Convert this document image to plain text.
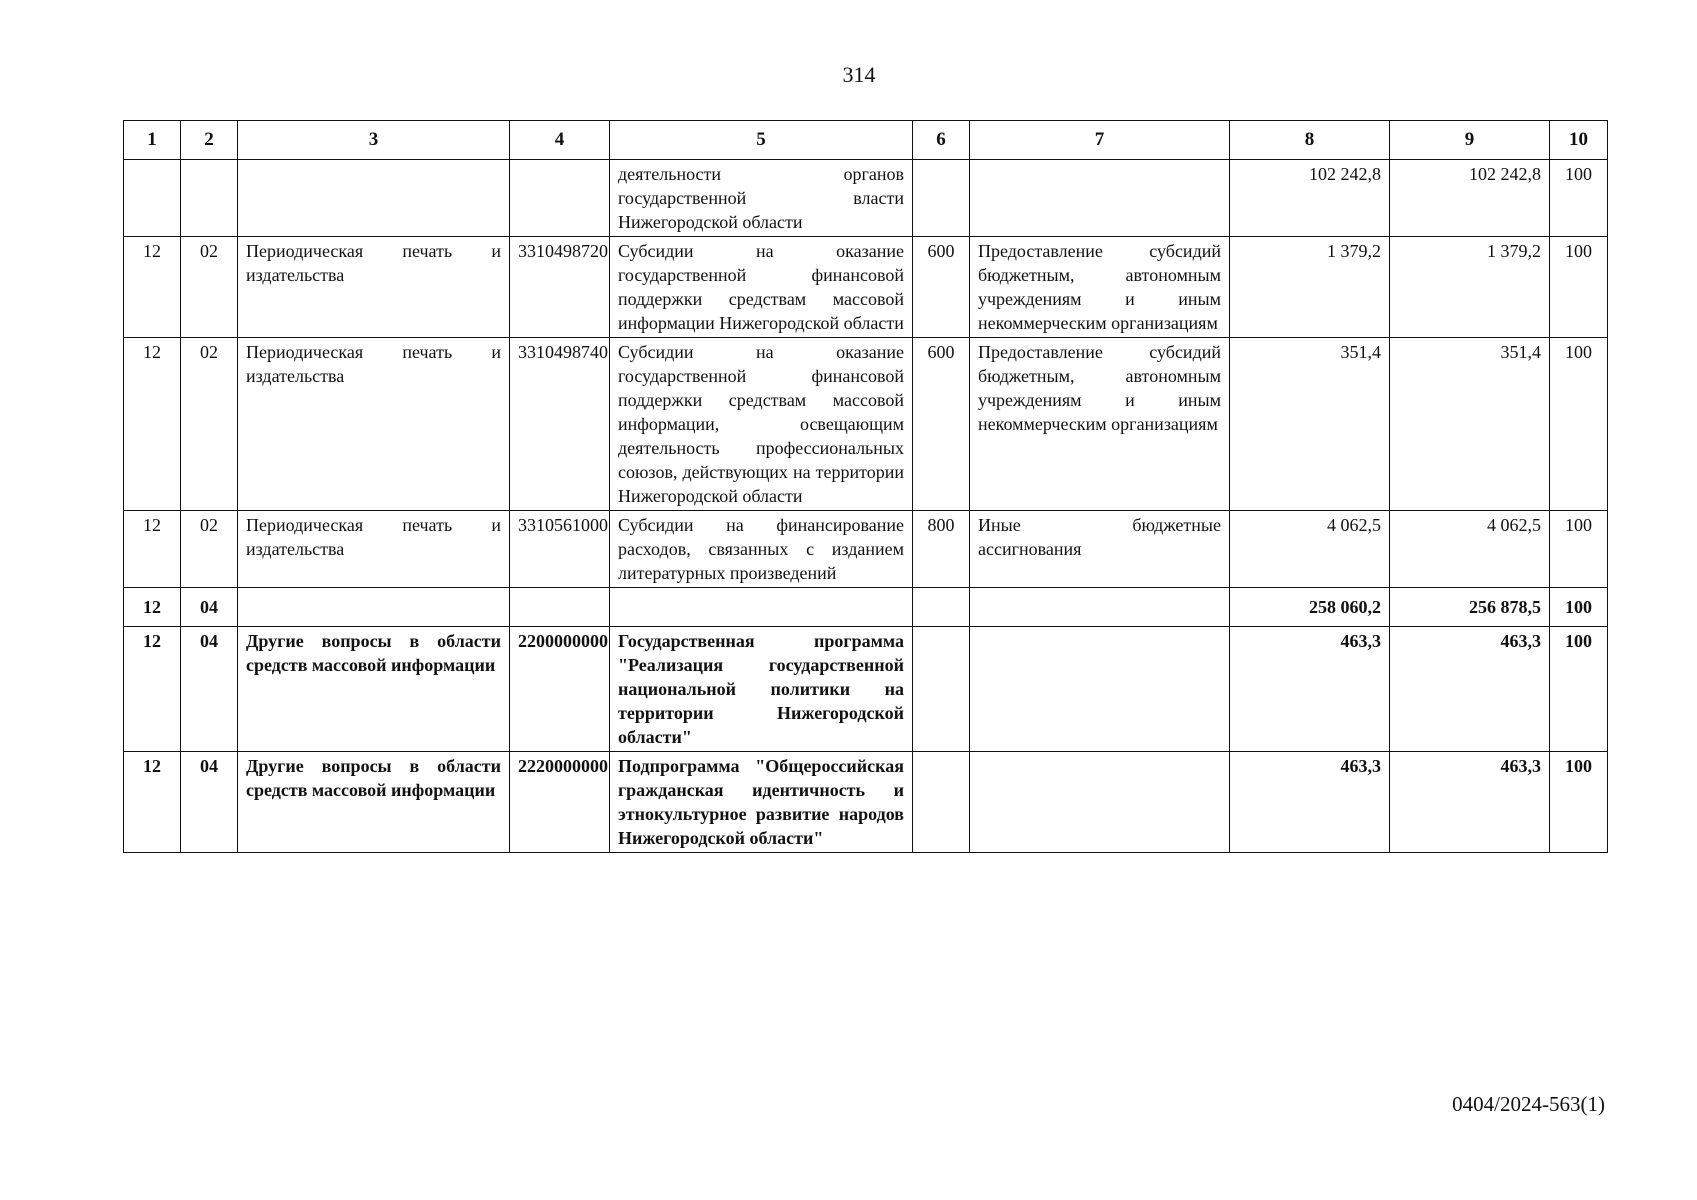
314
1	2	3	4	5	6	7	8	9	10
				деятельности органов государственной власти Нижегородской области			102 242,8	102 242,8	100
12	02	Периодическая печать и издательства	3310498720	Субсидии на оказание государственной финансовой поддержки средствам массовой информации Нижегородской области	600	Предоставление субсидий бюджетным, автономным учреждениям и иным некоммерческим организациям	1 379,2	1 379,2	100
12	02	Периодическая печать и издательства	3310498740	Субсидии на оказание государственной финансовой поддержки средствам массовой информации, освещающим деятельность профессиональных союзов, действующих на территории Нижегородской области	600	Предоставление субсидий бюджетным, автономным учреждениям и иным некоммерческим организациям	351,4	351,4	100
12	02	Периодическая печать и издательства	3310561000	Субсидии на финансирование расходов, связанных с изданием литературных произведений	800	Иные бюджетные ассигнования	4 062,5	4 062,5	100
12	04						258 060,2	256 878,5	100
12	04	Другие вопросы в области средств массовой информации	2200000000	Государственная программа "Реализация государственной национальной политики на территории Нижегородской области"			463,3	463,3	100
12	04	Другие вопросы в области средств массовой информации	2220000000	Подпрограмма "Общероссийская гражданская идентичность и этнокультурное развитие народов Нижегородской области"			463,3	463,3	100
0404/2024-563(1)
